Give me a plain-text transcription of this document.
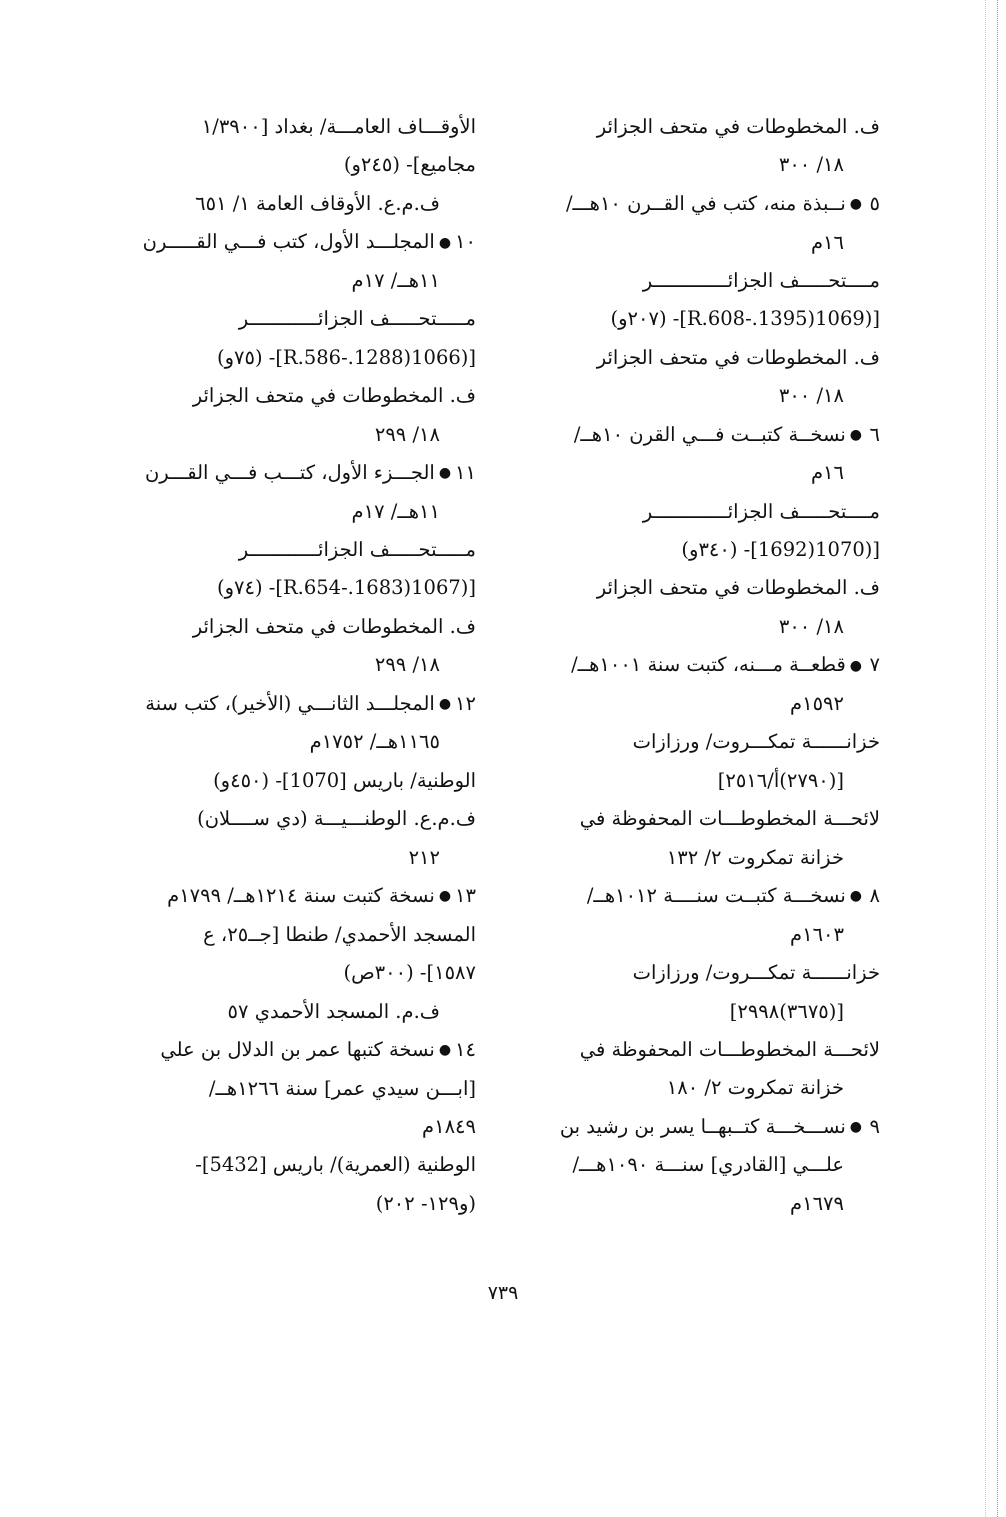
ف. المخطوطات في متحف الجزائر
١٨/ ٣٠٠
٥●نــبذة منه، كتب في القــرن ١٠هـــ/
١٦م
مــــتحـــــف الجزائـــــــــــــر
[(1069(1395.-R.608]- (٢٠٧و)
ف. المخطوطات في متحف الجزائر
١٨/ ٣٠٠
٦●نسخــة كتبــت فـــي القرن ١٠هــ/
١٦م
مــــتحـــــف الجزائـــــــــــــر
[(1070(1692]- (٣٤٠و)
ف. المخطوطات في متحف الجزائر
١٨/ ٣٠٠
٧●قطعــة مـــنه، كتبت سنة ١٠٠١هــ/
١٥٩٢م
خزانــــــة تمكـــروت/ ورزازات
[(٢٧٩٠)أ/٢٥١٦]
لائحـــة المخطوطـــات المحفوظة في
خزانة تمكروت ٢/ ١٣٢
٨●نسخـــة كتبــت سنــــة ١٠١٢هــ/
١٦٠٣م
خزانــــــة تمكـــروت/ ورزازات
[(٣٦٧٥)٢٩٩٨]
لائحـــة المخطوطـــات المحفوظة في
خزانة تمكروت ٢/ ١٨٠
٩●نســـخـــة كتــبهــا يسر بن رشيد بن
علـــي [القادري] سنـــة ١٠٩٠هـــ/
١٦٧٩م
الأوقـــاف العامـــة/ بغداد [١/٣٩٠٠
مجاميع]- (٢٤٥و)
ف.م.ع. الأوقاف العامة ١/ ٦٥١
١٠●المجلـــد الأول، كتب فـــي القـــــرن
١١هــ/ ١٧م
مـــــتحـــــف الجزائــــــــــــر
[(1066(1288.-R.586]- (٧٥و)
ف. المخطوطات في متحف الجزائر
١٨/ ٢٩٩
١١●الجـــزء الأول، كتـــب فـــي القـــرن
١١هــ/ ١٧م
مـــــتحـــــف الجزائــــــــــــر
[(1067(1683.-R.654]- (٧٤و)
ف. المخطوطات في متحف الجزائر
١٨/ ٢٩٩
١٢●المجلـــد الثانـــي (الأخير)، كتب سنة
١١٦٥هــ/ ١٧٥٢م
الوطنية/ باريس [1070]- (٤٥٠و)
ف.م.ع. الوطنـــيـــة (دي ســــلان)
٢١٢
١٣●نسخة كتبت سنة ١٢١٤هــ/ ١٧٩٩م
المسجد الأحمدي/ طنطا [جــ٢٥، ع
١٥٨٧]- (٣٠٠ص)
ف.م. المسجد الأحمدي ٥٧
١٤●نسخة كتبها عمر بن الدلال بن علي
[ابـــن سيدي عمر] سنة ١٢٦٦هــ/
١٨٤٩م
الوطنية (العمرية)/ باريس [5432]-
(و١٢٩- ٢٠٢)
٧٣٩
